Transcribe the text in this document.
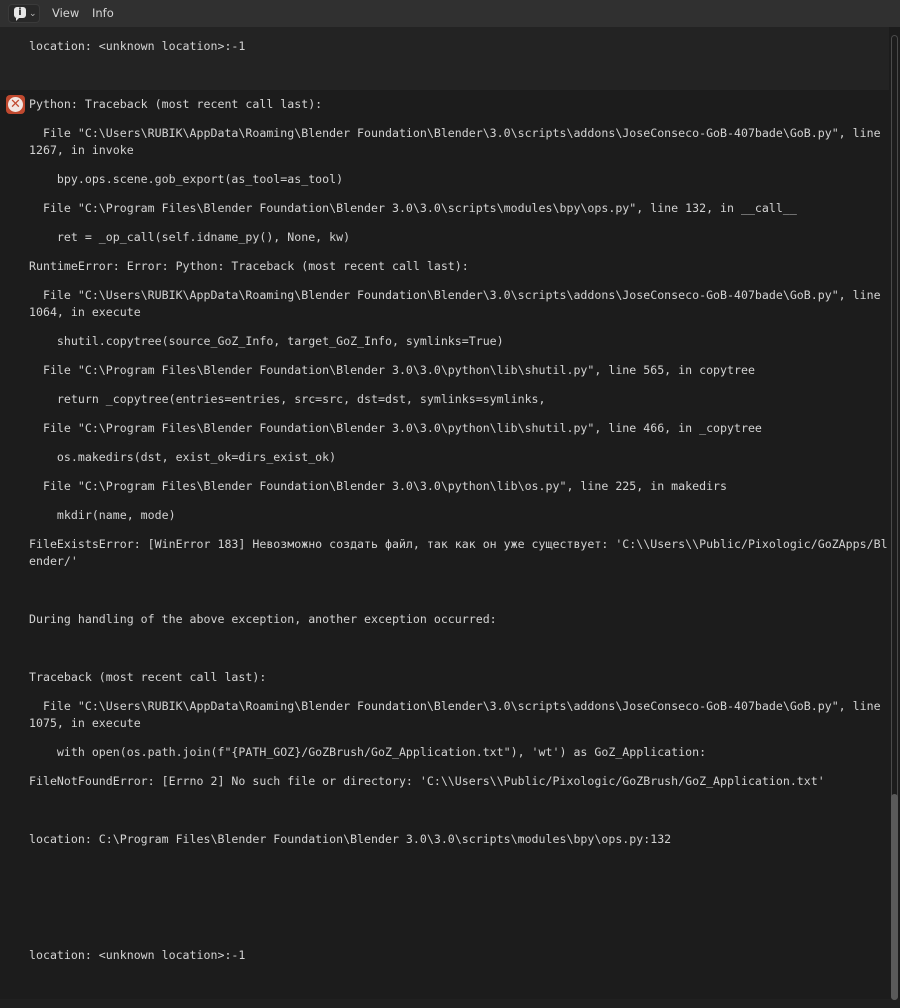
i ⌄ View Info
location: <unknown location>:-1
✕ Python: Traceback (most recent call last):
File "C:\Users\RUBIK\AppData\Roaming\Blender Foundation\Blender\3.0\scripts\addons\JoseConseco-GoB-407bade\GoB.py", line
1267, in invoke
bpy.ops.scene.gob_export(as_tool=as_tool)
File "C:\Program Files\Blender Foundation\Blender 3.0\3.0\scripts\modules\bpy\ops.py", line 132, in __call__
ret = _op_call(self.idname_py(), None, kw)
RuntimeError: Error: Python: Traceback (most recent call last):
File "C:\Users\RUBIK\AppData\Roaming\Blender Foundation\Blender\3.0\scripts\addons\JoseConseco-GoB-407bade\GoB.py", line
1064, in execute
shutil.copytree(source_GoZ_Info, target_GoZ_Info, symlinks=True)
File "C:\Program Files\Blender Foundation\Blender 3.0\3.0\python\lib\shutil.py", line 565, in copytree
return _copytree(entries=entries, src=src, dst=dst, symlinks=symlinks,
File "C:\Program Files\Blender Foundation\Blender 3.0\3.0\python\lib\shutil.py", line 466, in _copytree
os.makedirs(dst, exist_ok=dirs_exist_ok)
File "C:\Program Files\Blender Foundation\Blender 3.0\3.0\python\lib\os.py", line 225, in makedirs
mkdir(name, mode)
FileExistsError: [WinError 183] Невозможно создать файл, так как он уже существует: 'C:\\Users\\Public/Pixologic/GoZApps/Bl
ender/'
During handling of the above exception, another exception occurred:
Traceback (most recent call last):
File "C:\Users\RUBIK\AppData\Roaming\Blender Foundation\Blender\3.0\scripts\addons\JoseConseco-GoB-407bade\GoB.py", line
1075, in execute
with open(os.path.join(f"{PATH_GOZ}/GoZBrush/GoZ_Application.txt"), 'wt') as GoZ_Application:
FileNotFoundError: [Errno 2] No such file or directory: 'C:\\Users\\Public/Pixologic/GoZBrush/GoZ_Application.txt'
location: C:\Program Files\Blender Foundation\Blender 3.0\3.0\scripts\modules\bpy\ops.py:132
location: <unknown location>:-1
